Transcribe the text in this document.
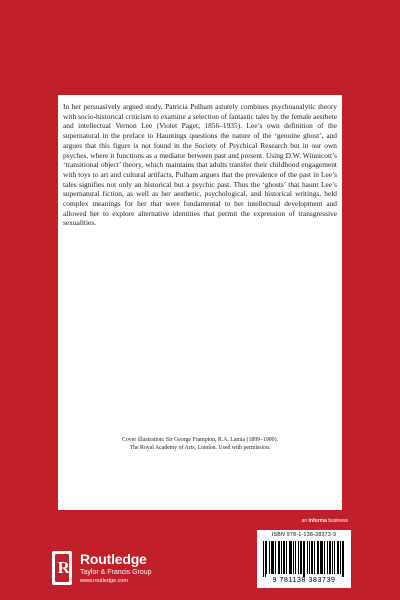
In her persuasively argued study, Patricia Pulham astutely combines psychoanalytic theory with socio-historical criticism to examine a selection of fantastic tales by the female aesthete and intellectual Vernon Lee (Violet Paget, 1856–1935). Lee’s own definition of the supernatural in the preface to Hauntings questions the nature of the ‘genuine ghost’, and argues that this figure is not found in the Society of Psychical Research but in our own psyches, where it functions as a mediator between past and present. Using D.W. Winnicott’s ‘transitional object’ theory, which maintains that adults transfer their childhood engagement with toys to art and cultural artifacts, Pulham argues that the prevalence of the past in Lee’s tales signifies not only an historical but a psychic past. Thus the ‘ghosts’ that haunt Lee’s supernatural fiction, as well as her aesthetic, psychological, and historical writings, held complex meanings for her that were fundamental to her intellectual development and allowed her to explore alternative identities that permit the expression of transgressive sexualities.

Cover illustration: Sir George Frampton, R.A. Lamia (1899–1900).
The Royal Academy of Arts, London. Used with permission.
an informa business
R Routledge
Taylor & Francis Group
www.routledge.com
ISBN 978-1-138-38373-9
9 781138 383739
